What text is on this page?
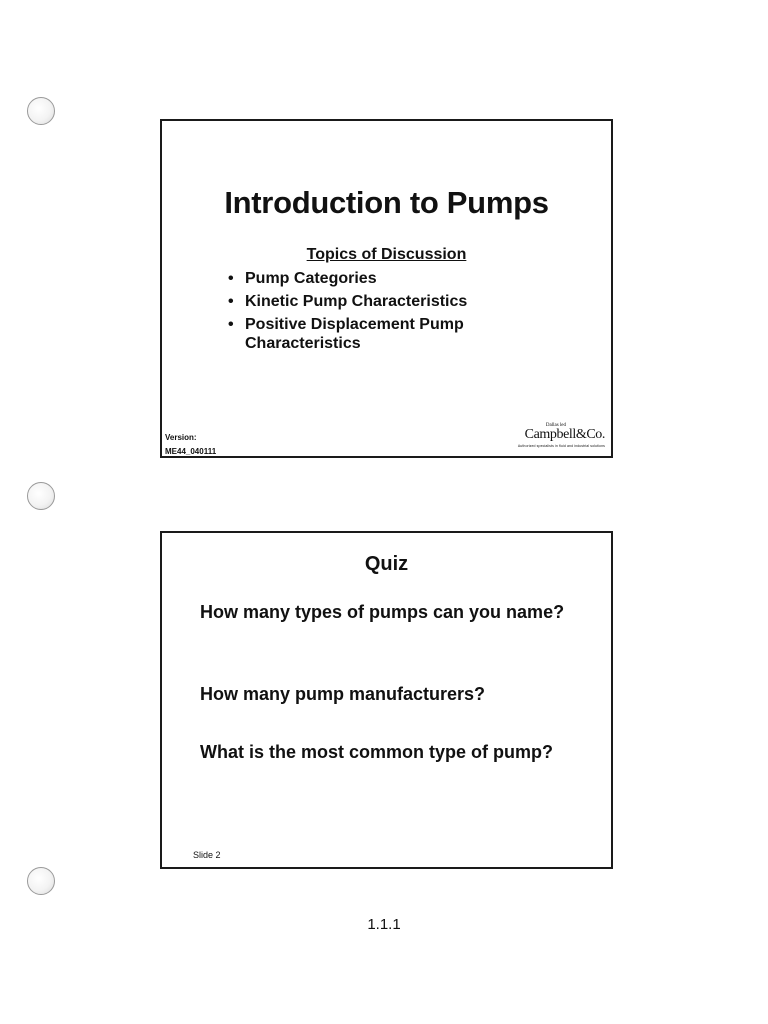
Introduction to Pumps
Topics of Discussion
• Pump Categories
• Kinetic Pump Characteristics
• Positive Displacement Pump Characteristics
Version:
ME44_040111
Dallas led
Campbell&Co.
Authorized specialists in fluid and industrial solutions
Quiz
How many types of pumps can you name?
How many pump manufacturers?
What is the most common type of pump?
Slide 2
1.1.1
